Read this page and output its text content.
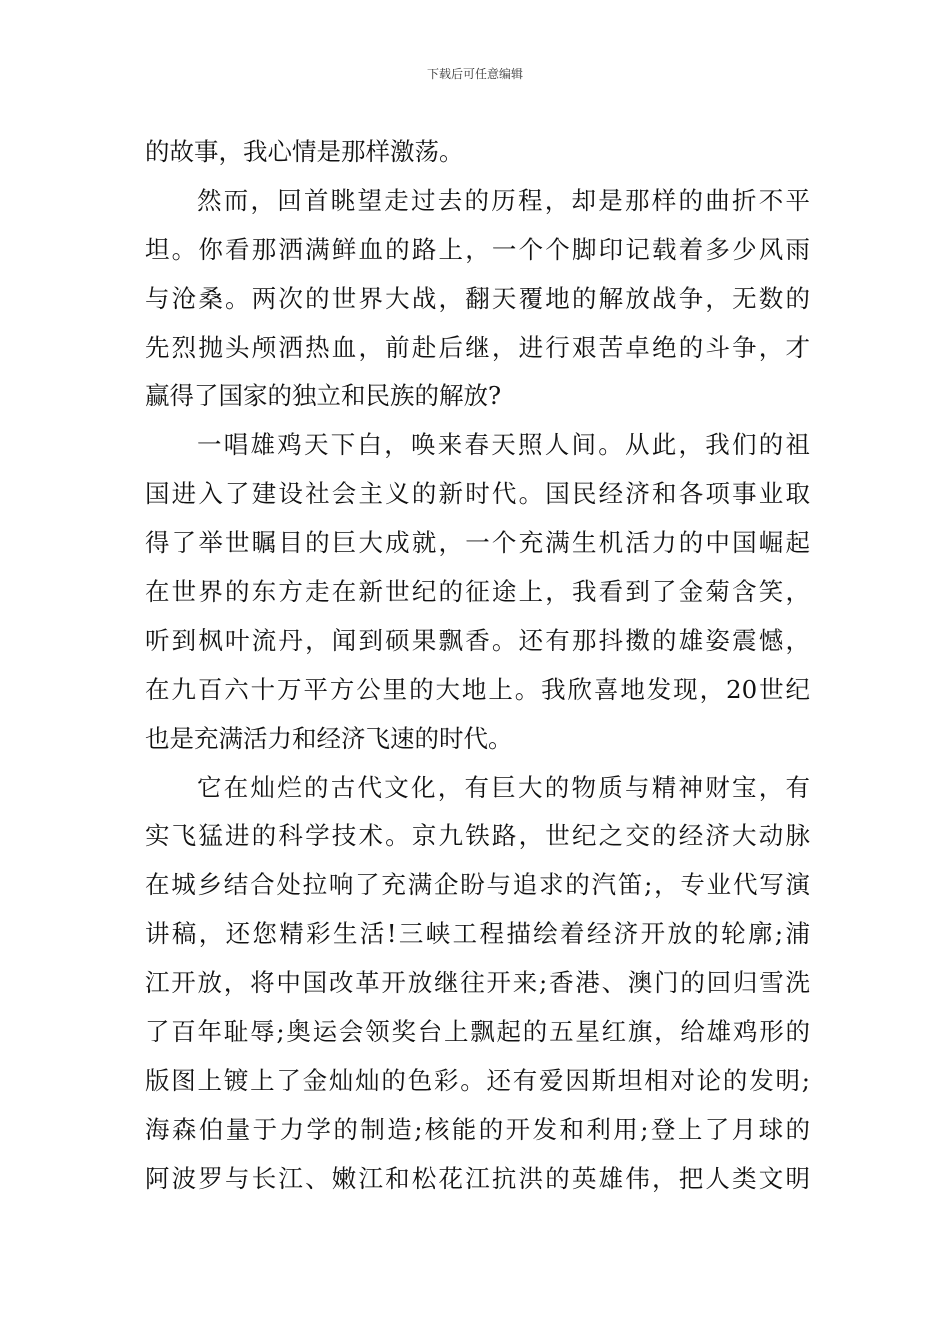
下载后可任意编辑
的故事，我心情是那样激荡。
然而，回首眺望走过去的历程，却是那样的曲折不平
坦。你看那洒满鲜血的路上，一个个脚印记载着多少风雨
与沧桑。两次的世界大战，翻天覆地的解放战争，无数的
先烈抛头颅洒热血，前赴后继，进行艰苦卓绝的斗争，才
赢得了国家的独立和民族的解放?
一唱雄鸡天下白，唤来春天照人间。从此，我们的祖
国进入了建设社会主义的新时代。国民经济和各项事业取
得了举世瞩目的巨大成就，一个充满生机活力的中国崛起
在世界的东方走在新世纪的征途上，我看到了金菊含笑，
听到枫叶流丹，闻到硕果飘香。还有那抖擞的雄姿震憾，
在九百六十万平方公里的大地上。我欣喜地发现，20世纪
也是充满活力和经济飞速的时代。
它在灿烂的古代文化，有巨大的物质与精神财宝，有
实飞猛进的科学技术。京九铁路，世纪之交的经济大动脉
在城乡结合处拉响了充满企盼与追求的汽笛;，专业代写演
讲稿，还您精彩生活!三峡工程描绘着经济开放的轮廓;浦
江开放，将中国改革开放继往开来;香港、澳门的回归雪洗
了百年耻辱;奥运会领奖台上飘起的五星红旗，给雄鸡形的
版图上镀上了金灿灿的色彩。还有爱因斯坦相对论的发明;
海森伯量于力学的制造;核能的开发和利用;登上了月球的
阿波罗与长江、嫩江和松花江抗洪的英雄伟，把人类文明
